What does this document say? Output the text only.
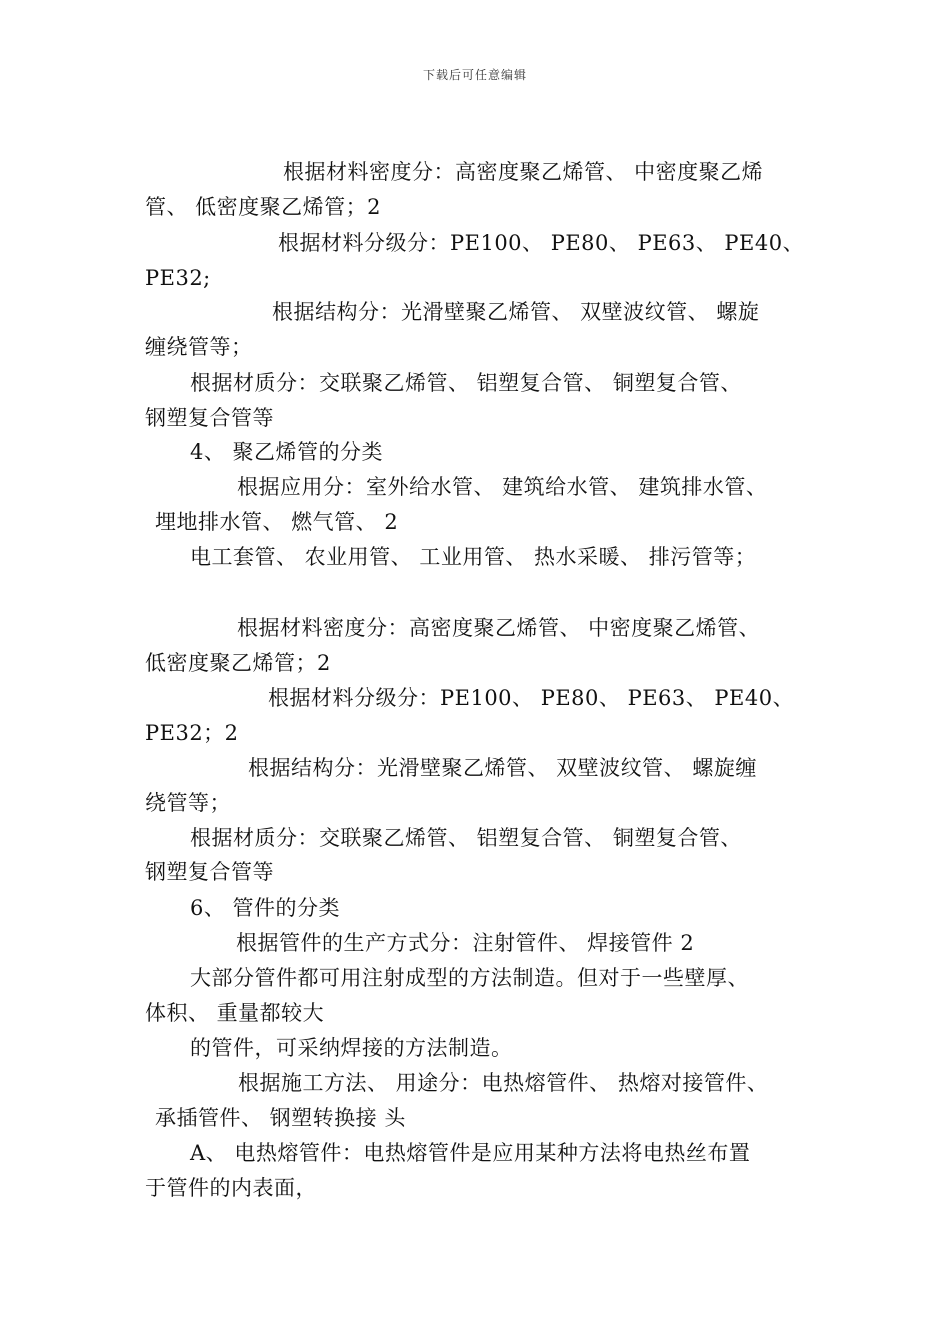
下载后可任意编辑
根据材料密度分：高密度聚乙烯管、 中密度聚乙烯
管、 低密度聚乙烯管；2
根据材料分级分：PE100、 PE80、 PE63、 PE40、
PE32;
根据结构分：光滑壁聚乙烯管、 双壁波纹管、 螺旋
缠绕管等；
根据材质分：交联聚乙烯管、 铝塑复合管、 铜塑复合管、
钢塑复合管等
4、 聚乙烯管的分类
根据应用分：室外给水管、 建筑给水管、 建筑排水管、
埋地排水管、 燃气管、 2
电工套管、 农业用管、 工业用管、 热水采暖、 排污管等；
根据材料密度分：高密度聚乙烯管、 中密度聚乙烯管、
低密度聚乙烯管；2
根据材料分级分：PE100、 PE80、 PE63、 PE40、
PE32；2
根据结构分：光滑壁聚乙烯管、 双壁波纹管、 螺旋缠
绕管等；
根据材质分：交联聚乙烯管、 铝塑复合管、 铜塑复合管、
钢塑复合管等
6、 管件的分类
根据管件的生产方式分：注射管件、 焊接管件 2
大部分管件都可用注射成型的方法制造。但对于一些壁厚、
体积、 重量都较大
的管件，可采纳焊接的方法制造。
根据施工方法、 用途分：电热熔管件、 热熔对接管件、
承插管件、 钢塑转换接 头
A、 电热熔管件：电热熔管件是应用某种方法将电热丝布置
于管件的内表面，
